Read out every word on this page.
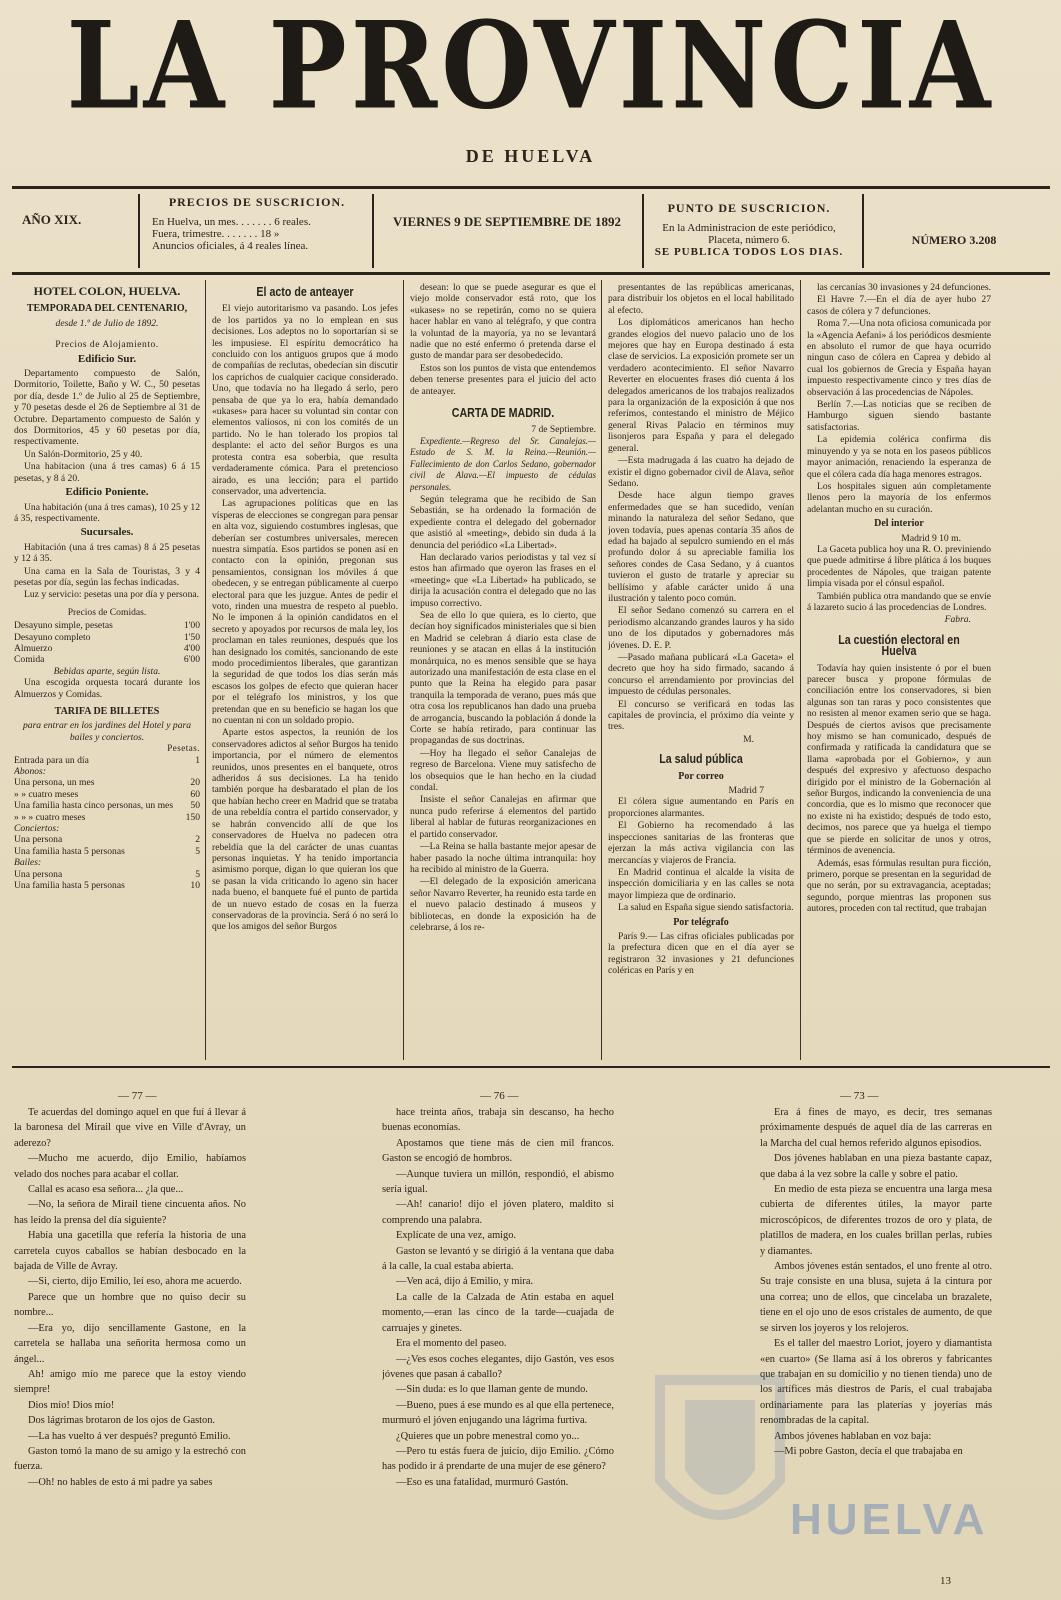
LA PROVINCIA
DE HUELVA
AÑO XIX.
PRECIOS DE SUSCRICION.
En Huelva, un mes. . . . . . . 6 reales.
Fuera, trimestre. . . . . . . 18 »
Anuncios oficiales, á 4 reales línea.
VIERNES 9 DE SEPTIEMBRE DE 1892
PUNTO DE SUSCRICION.
En la Administracion de este periódico,
Placeta, número 6.
SE PUBLICA TODOS LOS DIAS.
NÚMERO 3.208
HOTEL COLON, HUELVA.
TEMPORADA DEL CENTENARIO,
desde 1.º de Julio de 1892.
Precios de Alojamiento.
Edificio Sur.

Departamento compuesto de Salón, Dormitorio, Toilette, Baño y W. C., 50 pesetas por día, desde 1.º de Julio al 25 de Septiembre, y 70 pesetas desde el 26 de Septiembre al 31 de Octubre. Departamento compuesto de Salón y dos Dormitorios, 45 y 60 pesetas por día, respectivamente.

Un Salón-Dormitorio, 25 y 40.

Una habitacion (una á tres camas) 6 á 15 pesetas, y 8 á 20.

Edificio Poniente.

Una habitación (una á tres camas), 10 25 y 12 á 35, respectivamente.

Sucursales.

Habitación (una á tres camas) 8 á 25 pesetas y 12 á 35.

Una cama en la Sala de Touristas, 3 y 4 pesetas por día, según las fechas indicadas.

Luz y servicio: pesetas una por día y persona.

Precios de Comidas.
Desayuno simple, pesetas	1'00
Desayuno completo	1'50
Almuerzo	4'00
Comida	6'00
Bebidas aparte, según lista.

Una escogida orquesta tocará durante los Almuerzos y Comidas.

TARIFA DE BILLETES
para entrar en los jardines del Hotel y para bailes y conciertos.
Pesetas.
Entrada para un día	1
Abonos:	
Una persona, un mes	20
» » cuatro meses	60
Una familia hasta cinco personas, un mes	50
» » » cuatro meses	150
Conciertos:	
Una persona	2
Una familia hasta 5 personas	5
Bailes:	
Una persona	5
Una familia hasta 5 personas	10
El acto de anteayer

El viejo autoritarismo va pasando. Los jefes de los partidos ya no lo emplean en sus decisiones. Los adeptos no lo soportarían si se les impusiese. El espíritu democrático ha concluido con los antiguos grupos que á modo de compañías de reclutas, obedecían sin discutir los caprichos de cualquier cacique considerado. Uno, que todavía no ha llegado á serlo, pero pensaba de que ya lo era, había demandado «ukases» para hacer su voluntad sin contar con elementos valiosos, ni con los comités de un partido. No le han tolerado los propios tal desplante: el acto del señor Burgos es una protesta contra esa soberbia, que resulta verdaderamente cómica. Para el pretencioso airado, es una lección; para el partido conservador, una advertencia.

Las agrupaciones políticas que en las vísperas de elecciones se congregan para pensar en alta voz, siguiendo costumbres inglesas, que deberían ser costumbres universales, merecen nuestra simpatía. Esos partidos se ponen así en contacto con la opinión, pregonan sus pensamientos, consignan los móviles á que obedecen, y se entregan públicamente al cuerpo electoral para que les juzgue. Antes de pedir el voto, rinden una muestra de respeto al pueblo. No le imponen á la opinión candidatos en el secreto y apoyados por recursos de mala ley, los proclaman en tales reuniones, después que los han designado los comités, sancionando de este modo procedimientos liberales, que garantizan la seguridad de que todos los días serán más escasos los golpes de efecto que quieran hacer por el telégrafo los ministros, y los que pretendan que en su beneficio se hagan los que no cuentan ni con un soldado propio.

Aparte estos aspectos, la reunión de los conservadores adictos al señor Burgos ha tenido importancia, por el número de elementos reunidos, unos presentes en el banquete, otros adheridos á sus decisiones. La ha tenido también porque ha desbaratado el plan de los que habían hecho creer en Madrid que se trataba de una rebeldía contra el partido conservador, y se habrán convencido allí de que los conservadores de Huelva no padecen otra rebeldía que la del carácter de unas cuantas personas inquietas. Y ha tenido importancia asimismo porque, digan lo que quieran los que se pasan la vida criticando lo ageno sin hacer nada bueno, el banquete fué el punto de partida de un nuevo estado de cosas en la fuerza conservadoras de la provincia. Será ó no será lo que los amigos del señor Burgos

desean: lo que se puede asegurar es que el viejo molde conservador está roto, que los «ukases» no se repetirán, como no se quiera hacer hablar en vano al telégrafo, y que contra la voluntad de la mayoría, ya no se levantará nadie que no esté enfermo ó pretenda darse el gusto de mandar para ser desobedecido.

Estos son los puntos de vista que entendemos deben tenerse presentes para el juicio del acto de anteayer.

CARTA DE MADRID.
7 de Septiembre.

Expediente.—Regreso del Sr. Canalejas.—Estado de S. M. la Reina.—Reunión.—Fallecimiento de don Carlos Sedano, gobernador civil de Alava.—El impuesto de cédulas personales.

Según telegrama que he recibido de San Sebastián, se ha ordenado la formación de expediente contra el delegado del gobernador que asistió al «meeting», debido sin duda á la denuncia del periódico «La Libertad».

Han declarado varios periodistas y tal vez sí estos han afirmado que oyeron las frases en el «meeting» que «La Libertad» ha publicado, se dirija la acusación contra el delegado que no las impuso correctivo.

Sea de ello lo que quiera, es lo cierto, que decían hoy significados ministeriales que si bien en Madrid se celebran á diario esta clase de reuniones y se atacan en ellas á la institución monárquica, no es menos sensible que se haya autorizado una manifestación de esta clase en el punto que la Reina ha elegido para pasar tranquila la temporada de verano, pues más que otra cosa los republicanos han dado una prueba de arrogancia, buscando la población á donde la Corte se había retirado, para continuar las propagandas de sus doctrinas.

—Hoy ha llegado el señor Canalejas de regreso de Barcelona. Viene muy satisfecho de los obsequios que le han hecho en la ciudad condal.

Insiste el señor Canalejas en afirmar que nunca pudo referirse á elementos del partido liberal al hablar de futuras reorganizaciones en el partido conservador.

—La Reina se halla bastante mejor apesar de haber pasado la noche última intranquila: hoy ha recibido al ministro de la Guerra.

—El delegado de la exposición americana señor Navarro Reverter, ha reunido esta tarde en el nuevo palacio destinado á museos y bibliotecas, en donde la exposición ha de celebrarse, á los re-

presentantes de las repúblicas americanas, para distribuir los objetos en el local habilitado al efecto.

Los diplomáticos americanos han hecho grandes elogios del nuevo palacio uno de los mejores que hay en Europa destinado á esta clase de servicios. La exposición promete ser un verdadero acontecimiento. El señor Navarro Reverter en elocuentes frases dió cuenta á los delegados americanos de los trabajos realizados para la organización de la exposición á que nos referimos, contestando el ministro de Méjico general Rivas Palacio en términos muy lisonjeros para España y para el delegado general.

—Esta madrugada á las cuatro ha dejado de existir el digno gobernador civil de Alava, señor Sedano.

Desde hace algun tiempo graves enfermedades que se han sucedido, venían minando la naturaleza del señor Sedano, que joven todavía, pues apenas contaría 35 años de edad ha bajado al sepulcro sumiendo en el más profundo dolor á su apreciable familia los señores condes de Casa Sedano, y á cuantos tuvieron el gusto de tratarle y apreciar su bellísimo y afable carácter unido á una ilustración y talento poco común.

El señor Sedano comenzó su carrera en el periodismo alcanzando grandes lauros y ha sido uno de los diputados y gobernadores más jóvenes. D. E. P.

—Pasado mañana publicará «La Gaceta» el decreto que hoy ha sido firmado, sacando á concurso el arrendamiento por provincias del impuesto de cédulas personales.

El concurso se verificará en todas las capitales de provincia, el próximo día veinte y tres.

M.
La salud pública
Por correo
Madrid 7

El cólera sigue aumentando en París en proporciones alarmantes.

El Gobierno ha recomendado á las inspecciones sanitarias de las fronteras que ejerzan la más activa vigilancia con las mercancías y viajeros de Francia.

En Madrid continua el alcalde la visita de inspección domiciliaria y en las calles se nota mayor limpieza que de ordinario.

La salud en España sigue siendo satisfactoria.

Por telégrafo

París 9.— Las cifras oficiales publicadas por la prefectura dicen que en el día ayer se registraron 32 invasiones y 21 defunciones coléricas en París y en

las cercanías 30 invasiones y 24 defunciones.

El Havre 7.—En el día de ayer hubo 27 casos de cólera y 7 defunciones.

Roma 7.—Una nota oficiosa comunicada por la «Agencia Aefani» á los periódicos desmiente en absoluto el rumor de que haya ocurrido ningun caso de cólera en Caprea y debido al cual los gobiernos de Grecia y España hayan impuesto respectivamente cinco y tres días de observación á las procedencias de Nápoles.

Berlín 7.—Las noticias que se reciben de Hamburgo siguen siendo bastante satisfactorias.

La epidemia colérica confirma dis minuyendo y ya se nota en los paseos públicos mayor animación, renaciendo la esperanza de que el cólera cada día haga menores estragos.

Los hospitales siguen aún completamente llenos pero la mayoría de los enfermos adelantan mucho en su curación.

Del interior
Madrid 9 10 m.

La Gaceta publica hoy una R. O. previniendo que puede admitirse á libre plática á los buques procedentes de Nápoles, que traigan patente limpia visada por el cónsul español.

También publica otra mandando que se envíe á lazareto sucio á las procedencias de Londres.

Fabra.
La cuestión electoral en Huelva

Todavía hay quien insistente ó por el buen parecer busca y propone fórmulas de conciliación entre los conservadores, si bien algunas son tan raras y poco consistentes que no resisten al menor examen serio que se haga. Después de ciertos avisos que precisamente hoy mismo se han comunicado, después de confirmada y ratificada la candidatura que se llama «aprobada por el Gobierno», y aun después del expresivo y afectuoso despacho dirigido por el ministro de la Gobernación al señor Burgos, indicando la conveniencia de una concordia, que es lo mismo que reconocer que no existe ni ha existido; después de todo esto, decimos, nos parece que ya huelga el tiempo que se pierde en solicitar de unos y otros, términos de avenencia.

Además, esas fórmulas resultan pura ficción, primero, porque se presentan en la seguridad de que no serán, por su extravagancia, aceptadas; segundo, porque mientras las proponen sus autores, proceden con tal rectitud, que trabajan

— 77 —	— 76 —	— 73 —

Te acuerdas del domingo aquel en que fuí á llevar á la baronesa del Mirail que vive en Ville d'Avray, un aderezo?

—Mucho me acuerdo, dijo Emilio, habíamos velado dos noches para acabar el collar.

Callal es acaso esa señora... ¿la que...

—No, la señora de Mirail tiene cincuenta años. No has leído la prensa del día siguiente?

Había una gacetilla que refería la historia de una carretela cuyos caballos se habían desbocado en la bajada de Ville de Avray.

—Si, cierto, dijo Emilio, leí eso, ahora me acuerdo.

Parece que un hombre que no quiso decir su nombre...

—Era yo, dijo sencillamente Gastone, en la carretela se hallaba una señorita hermosa como un ángel...

Ah! amigo mío me parece que la estoy viendo siempre!

Dios mío! Dios mío!

Dos lágrimas brotaron de los ojos de Gaston.

—La has vuelto á ver después? preguntó Emilio.

Gaston tomó la mano de su amigo y la estrechó con fuerza.

—Oh! no hables de esto á mi padre ya sabes

hace treinta años, trabaja sin descanso, ha hecho buenas economías.

Apostamos que tiene más de cien mil francos. Gaston se encogió de hombros.

—Aunque tuviera un millón, respondió, el abismo sería igual.

—Ah! canario! dijo el jóven platero, maldito si comprendo una palabra.

Explícate de una vez, amigo.

Gaston se levantó y se dirigió á la ventana que daba á la calle, la cual estaba abierta.

—Ven acá, dijo á Emilio, y mira.

La calle de la Calzada de Atin estaba en aquel momento,—eran las cinco de la tarde—cuajada de carruajes y ginetes.

Era el momento del paseo.

—¿Ves esos coches elegantes, dijo Gastón, ves esos jóvenes que pasan á caballo?

—Sin duda: es lo que llaman gente de mundo.

—Bueno, pues á ese mundo es al que ella pertenece, murmuró el jóven enjugando una lágrima furtiva.

¿Quieres que un pobre menestral como yo...

—Pero tu estás fuera de juicio, dijo Emilio. ¿Cómo has podido ir á prendarte de una mujer de ese género?

—Eso es una fatalidad, murmuró Gastón.

Era á fines de mayo, es decir, tres semanas próximamente después de aquel día de las carreras en la Marcha del cual hemos referido algunos episodios.

Dos jóvenes hablaban en una pieza bastante capaz, que daba á la vez sobre la calle y sobre el patio.

En medio de esta pieza se encuentra una larga mesa cubierta de diferentes útiles, la mayor parte microscópicos, de diferentes trozos de oro y plata, de platillos de madera, en los cuales brillan perlas, rubies y diamantes.

Ambos jóvenes están sentados, el uno frente al otro. Su traje consiste en una blusa, sujeta á la cintura por una correa; uno de ellos, que cincelaba un brazalete, tiene en el ojo uno de esos cristales de aumento, de que se sirven los joyeros y los relojeros.

Es el taller del maestro Loriot, joyero y diamantista «en cuarto» (Se llama así á los obreros y fabricantes que trabajan en su domicilio y no tienen tienda) uno de los artífices más diestros de París, el cual trabajaba ordinariamente para las platerías y joyerías más renombradas de la capital.

Ambos jóvenes hablaban en voz baja:

—Mi pobre Gaston, decía el que trabajaba en

HUELVA
13
